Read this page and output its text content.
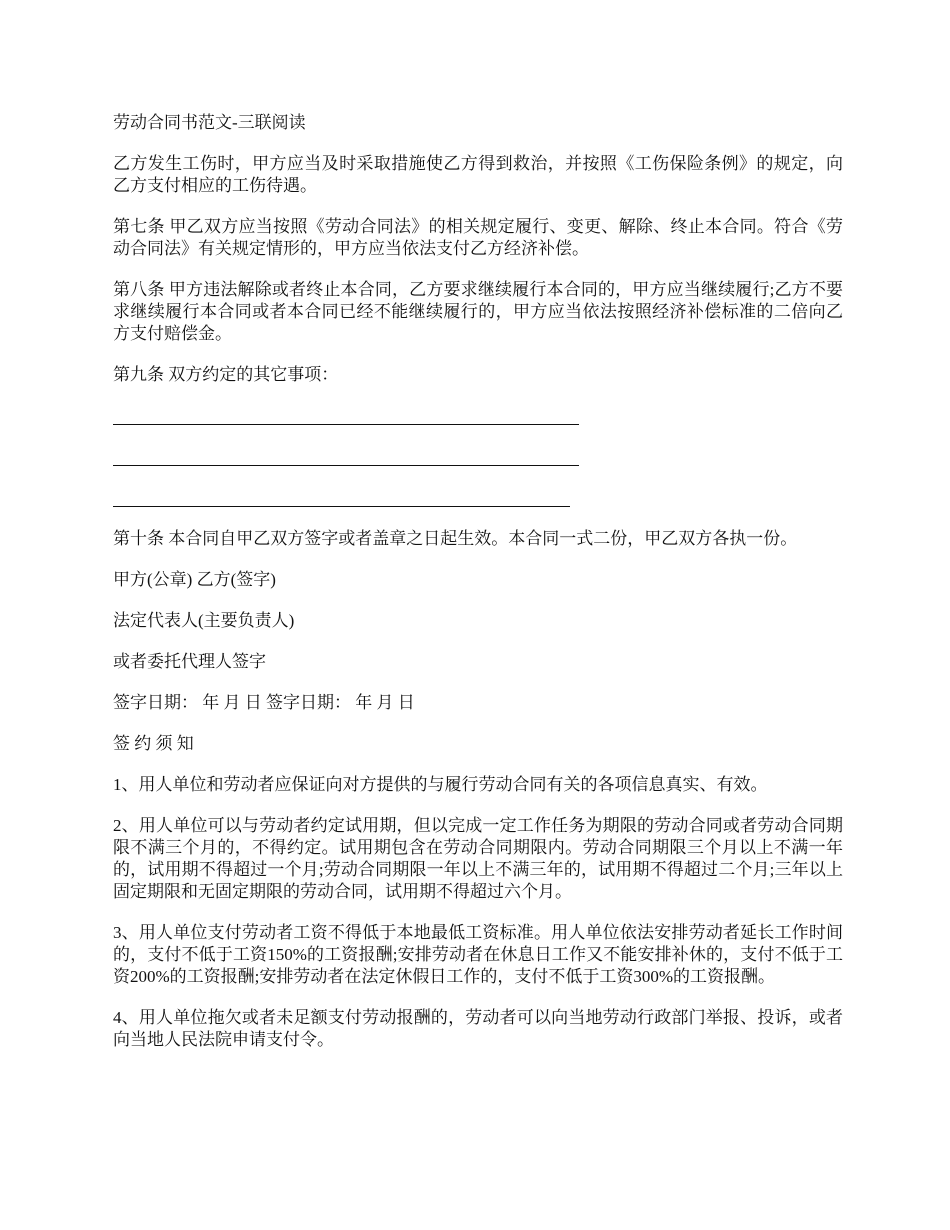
劳动合同书范文-三联阅读

乙方发生工伤时，甲方应当及时采取措施使乙方得到救治，并按照《工伤保险条例》的规定，向乙方支付相应的工伤待遇。

第七条 甲乙双方应当按照《劳动合同法》的相关规定履行、变更、解除、终止本合同。符合《劳动合同法》有关规定情形的，甲方应当依法支付乙方经济补偿。

第八条 甲方违法解除或者终止本合同，乙方要求继续履行本合同的，甲方应当继续履行;乙方不要求继续履行本合同或者本合同已经不能继续履行的，甲方应当依法按照经济补偿标准的二倍向乙方支付赔偿金。

第九条 双方约定的其它事项：

第十条 本合同自甲乙双方签字或者盖章之日起生效。本合同一式二份，甲乙双方各执一份。

甲方(公章) 乙方(签字)

法定代表人(主要负责人)

或者委托代理人签字

签字日期： 年 月 日 签字日期： 年 月 日

签 约 须 知

1、用人单位和劳动者应保证向对方提供的与履行劳动合同有关的各项信息真实、有效。

2、用人单位可以与劳动者约定试用期，但以完成一定工作任务为期限的劳动合同或者劳动合同期限不满三个月的，不得约定。试用期包含在劳动合同期限内。劳动合同期限三个月以上不满一年的，试用期不得超过一个月;劳动合同期限一年以上不满三年的，试用期不得超过二个月;三年以上固定期限和无固定期限的劳动合同，试用期不得超过六个月。

3、用人单位支付劳动者工资不得低于本地最低工资标准。用人单位依法安排劳动者延长工作时间的，支付不低于工资150%的工资报酬;安排劳动者在休息日工作又不能安排补休的，支付不低于工资200%的工资报酬;安排劳动者在法定休假日工作的，支付不低于工资300%的工资报酬。

4、用人单位拖欠或者未足额支付劳动报酬的，劳动者可以向当地劳动行政部门举报、投诉，或者向当地人民法院申请支付令。
